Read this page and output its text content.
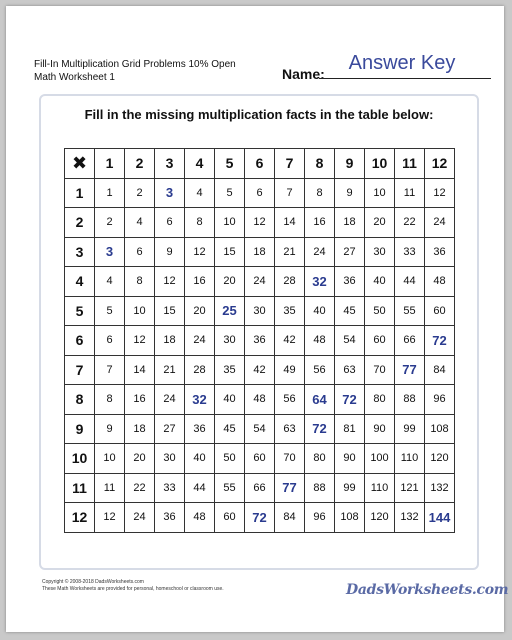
Fill-In Multiplication Grid Problems 10% Open
Math Worksheet 1	Name:	Answer Key
Fill in the missing multiplication facts in the table below:
✖	1	2	3	4	5	6	7	8	9	10	11	12
1	1	2	3	4	5	6	7	8	9	10	11	12
2	2	4	6	8	10	12	14	16	18	20	22	24
3	3	6	9	12	15	18	21	24	27	30	33	36
4	4	8	12	16	20	24	28	32	36	40	44	48
5	5	10	15	20	25	30	35	40	45	50	55	60
6	6	12	18	24	30	36	42	48	54	60	66	72
7	7	14	21	28	35	42	49	56	63	70	77	84
8	8	16	24	32	40	48	56	64	72	80	88	96
9	9	18	27	36	45	54	63	72	81	90	99	108
10	10	20	30	40	50	60	70	80	90	100	110	120
11	11	22	33	44	55	66	77	88	99	110	121	132
12	12	24	36	48	60	72	84	96	108	120	132	144
Copyright © 2008-2018 DadsWorksheets.com
These Math Worksheets are provided for personal, homeschool or classroom use.	DadsWorksheets.com
